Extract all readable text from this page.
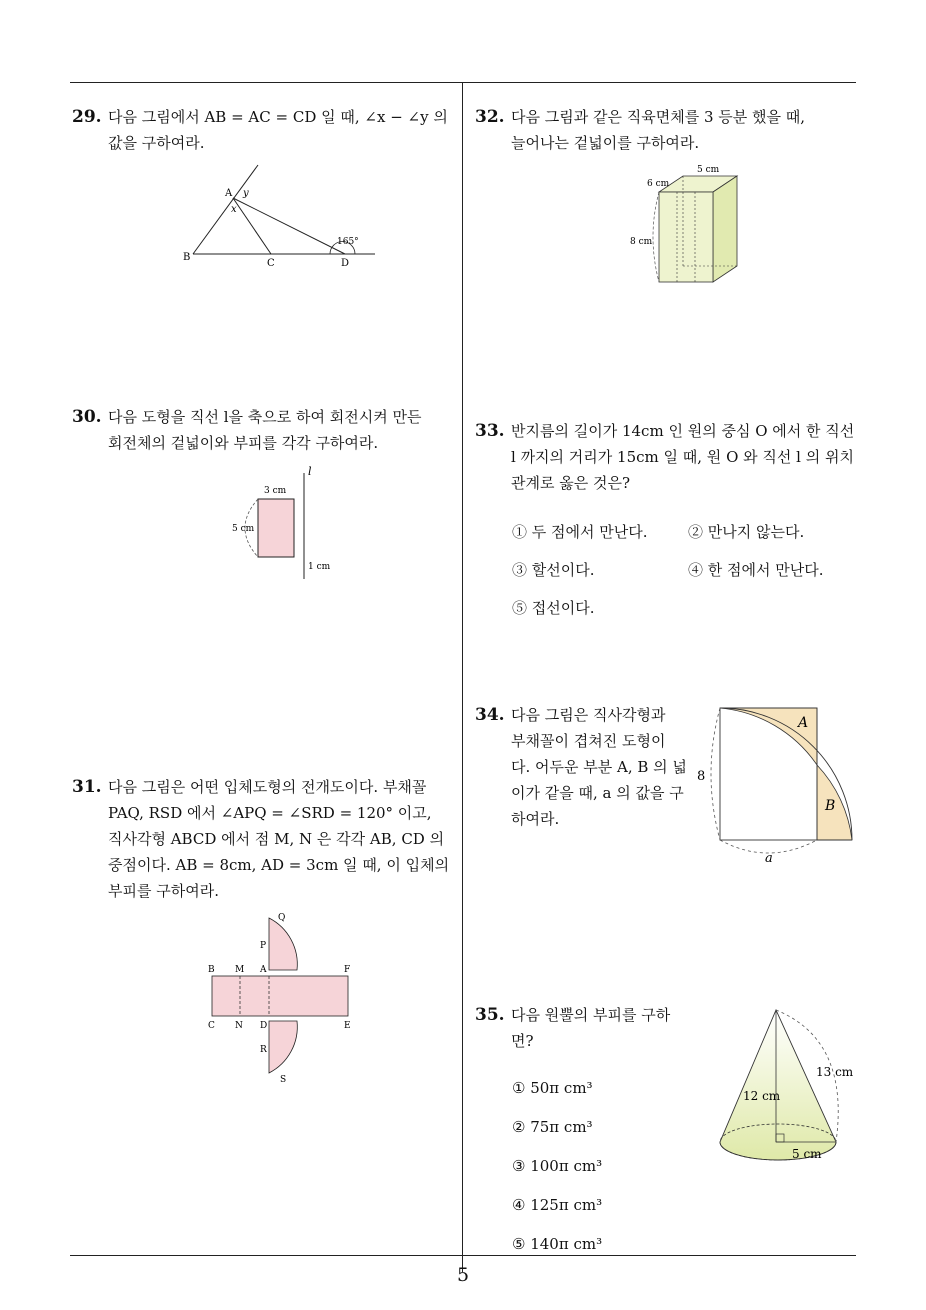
5
29. 다음 그림에서 AB = AC = CD 일 때, ∠x − ∠y 의
값을 구하여라.
A y
x
B
C	D
165°
30. 다음 도형을 직선 l을 축으로 하여 회전시켜 만든
회전체의 겉넓이와 부피를 각각 구하여라.
l
3 cm
5 cm
1 cm
31. 다음 그림은 어떤 입체도형의 전개도이다. 부채꼴
PAQ, RSD 에서 ∠APQ = ∠SRD = 120° 이고,
직사각형 ABCD 에서 점 M, N 은 각각 AB, CD 의
중점이다. AB = 8cm, AD = 3cm 일 때, 이 입체의
부피를 구하여라.
Q
P
B M A	F
C N D	E
R
S
32. 다음 그림과 같은 직육면체를 3 등분 했을 때,
늘어나는 겉넓이를 구하여라.
5 cm
6 cm
8 cm
33. 반지름의 길이가 14cm 인 원의 중심 O 에서 한 직선
l 까지의 거리가 15cm 일 때, 원 O 와 직선 l 의 위치
관계로 옳은 것은?
① 두 점에서 만난다.	② 만나지 않는다.
③ 할선이다.	④ 한 점에서 만난다.
⑤ 접선이다.
34. 다음 그림은 직사각형과
부채꼴이 겹쳐진 도형이
다. 어두운 부분 A, B 의 넓
이가 같을 때, a 의 값을 구
하여라.
A
B
8
a
35. 다음 원뿔의 부피를 구하
면?
① 50π cm³
② 75π cm³
③ 100π cm³
④ 125π cm³
⑤ 140π cm³
13 cm
12 cm
5 cm
